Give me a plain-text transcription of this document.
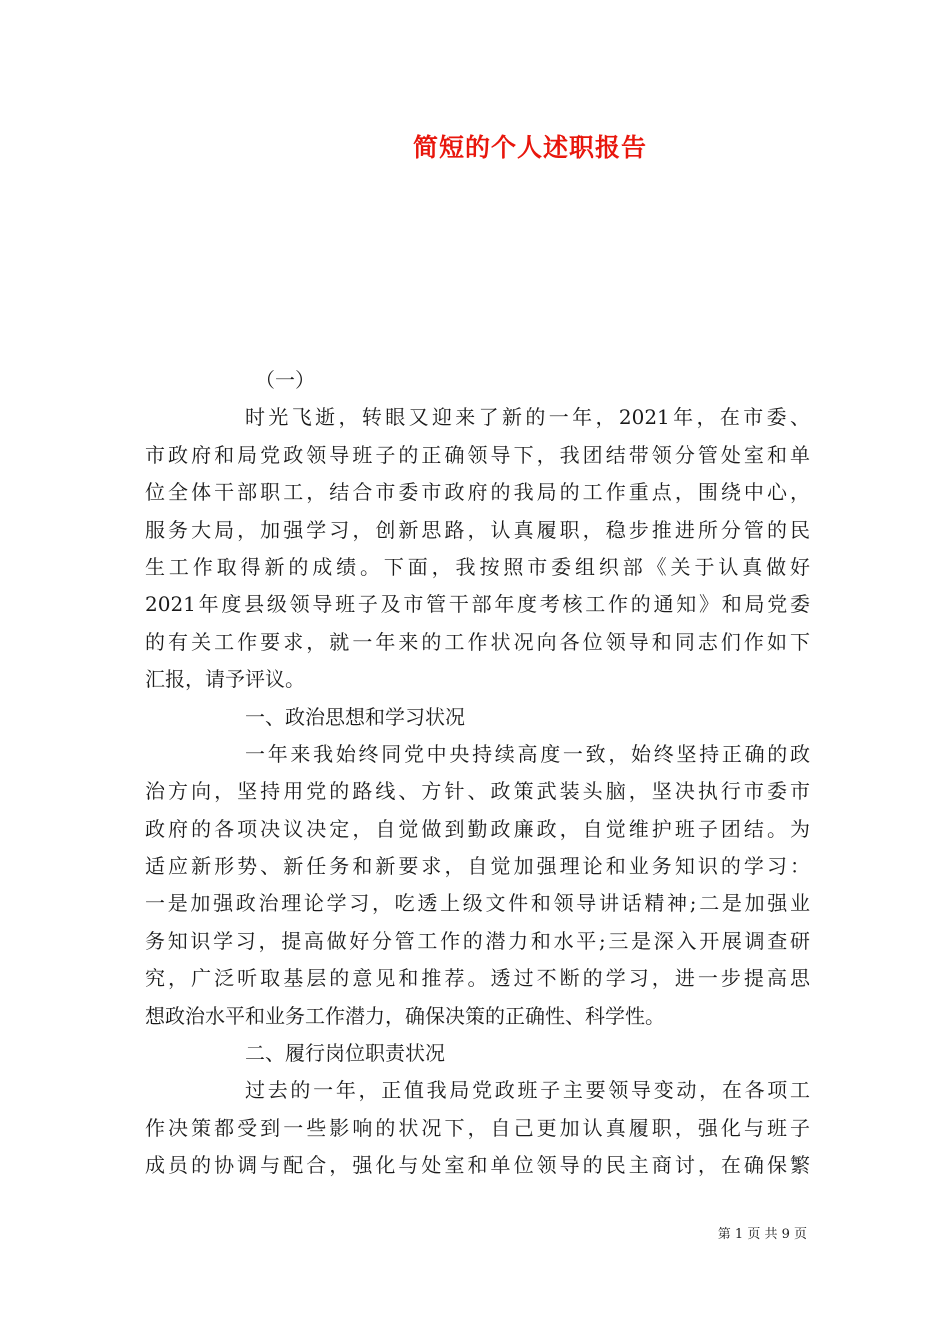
简短的个人述职报告
（一）
时光飞逝，转眼又迎来了新的一年，2021年，在市委、
市政府和局党政领导班子的正确领导下，我团结带领分管处室和单
位全体干部职工，结合市委市政府的我局的工作重点，围绕中心，
服务大局，加强学习，创新思路，认真履职，稳步推进所分管的民
生工作取得新的成绩。下面，我按照市委组织部《关于认真做好
2021年度县级领导班子及市管干部年度考核工作的通知》和局党委
的有关工作要求，就一年来的工作状况向各位领导和同志们作如下
汇报，请予评议。
一、政治思想和学习状况
一年来我始终同党中央持续高度一致，始终坚持正确的政
治方向，坚持用党的路线、方针、政策武装头脑，坚决执行市委市
政府的各项决议决定，自觉做到勤政廉政，自觉维护班子团结。为
适应新形势、新任务和新要求，自觉加强理论和业务知识的学习：
一是加强政治理论学习，吃透上级文件和领导讲话精神;二是加强业
务知识学习，提高做好分管工作的潜力和水平;三是深入开展调查研
究，广泛听取基层的意见和推荐。透过不断的学习，进一步提高思
想政治水平和业务工作潜力，确保决策的正确性、科学性。
二、履行岗位职责状况
过去的一年，正值我局党政班子主要领导变动，在各项工
作决策都受到一些影响的状况下，自己更加认真履职，强化与班子
成员的协调与配合，强化与处室和单位领导的民主商讨，在确保繁
第 1 页 共 9 页
